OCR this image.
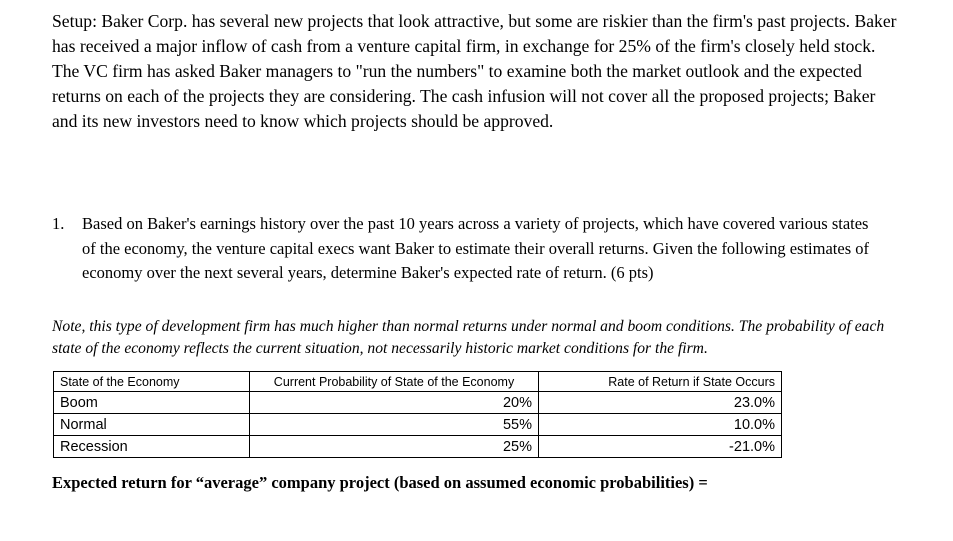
Setup: Baker Corp. has several new projects that look attractive, but some are riskier than the firm's past projects. Baker has received a major inflow of cash from a venture capital firm, in exchange for 25% of the firm's closely held stock. The VC firm has asked Baker managers to "run the numbers" to examine both the market outlook and the expected returns on each of the projects they are considering. The cash infusion will not cover all the proposed projects; Baker and its new investors need to know which projects should be approved.

1. Based on Baker's earnings history over the past 10 years across a variety of projects, which have covered various states of the economy, the venture capital execs want Baker to estimate their overall returns. Given the following estimates of economy over the next several years, determine Baker's expected rate of return. (6 pts)

Note, this type of development firm has much higher than normal returns under normal and boom conditions. The probability of each state of the economy reflects the current situation, not necessarily historic market conditions for the firm.

State of the Economy	Current Probability of State of the Economy	Rate of Return if State Occurs
Boom	20%	23.0%
Normal	55%	10.0%
Recession	25%	-21.0%

Expected return for “average” company project (based on assumed economic probabilities) =
